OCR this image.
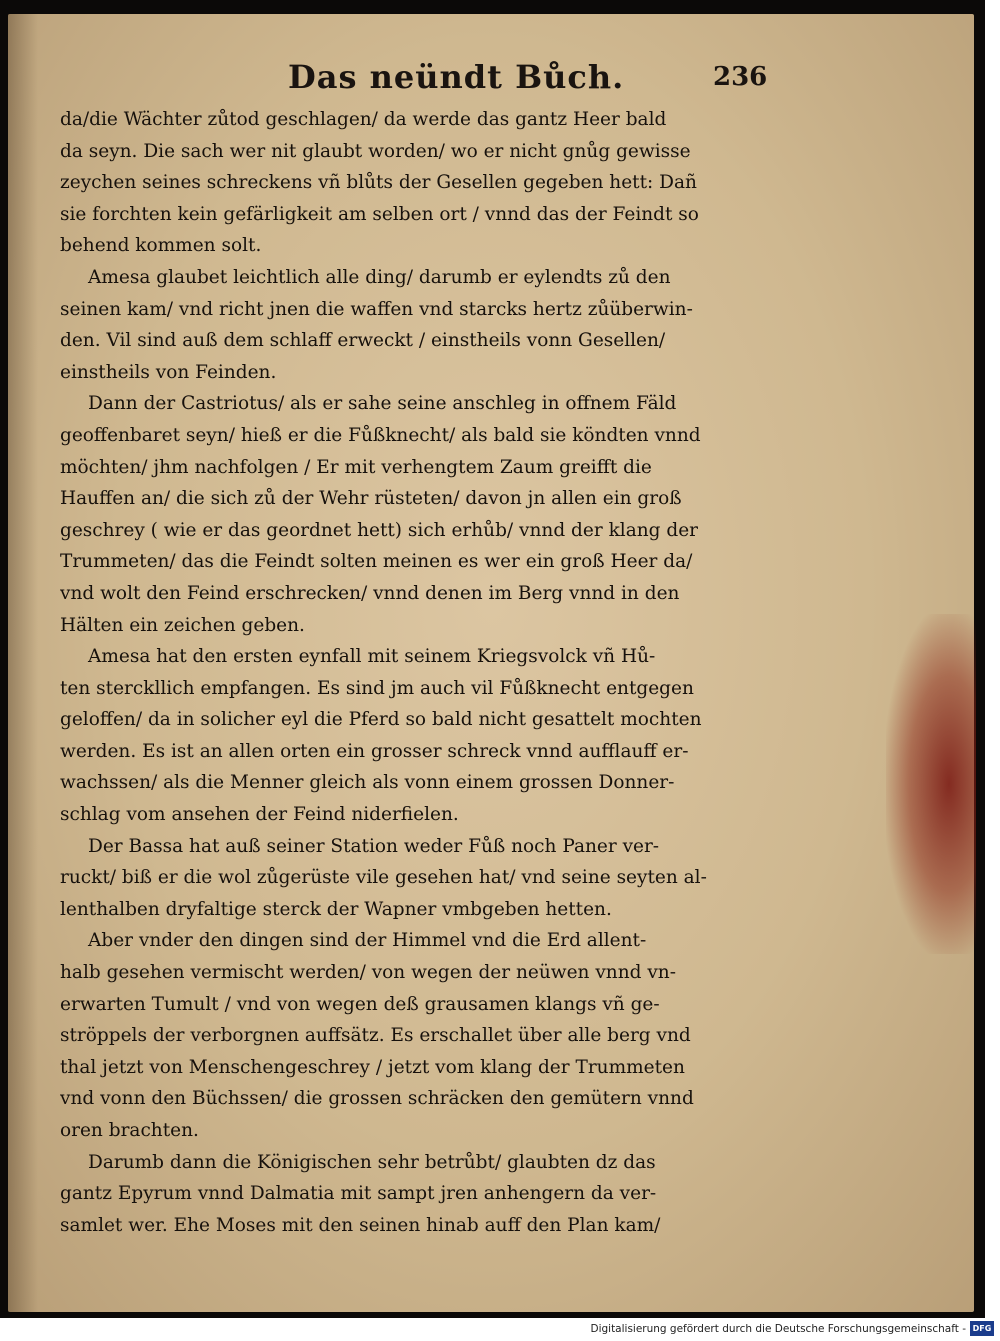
Das neündt Bůch.	236
da/die Wächter zůtod geschlagen/ da werde das gantz Heer bald
da seyn. Die sach wer nit glaubt worden/ wo er nicht gnůg gewisse
zeychen seines schreckens vñ blůts der Gesellen gegeben hett: Dañ
sie forchten kein gefärligkeit am selben ort / vnnd das der Feindt so
behend kommen solt.
Amesa glaubet leichtlich alle ding/ darumb er eylendts zů den
seinen kam/ vnd richt jnen die waffen vnd starcks hertz zůüberwin-
den. Vil sind auß dem schlaff erweckt / einstheils vonn Gesellen/
einstheils von Feinden.
Dann der Castriotus/ als er sahe seine anschleg in offnem Fäld
geoffenbaret seyn/ hieß er die Fůßknecht/ als bald sie köndten vnnd
möchten/ jhm nachfolgen / Er mit verhengtem Zaum greifft die
Hauffen an/ die sich zů der Wehr rüsteten/ davon jn allen ein groß
geschrey ( wie er das geordnet hett) sich erhůb/ vnnd der klang der
Trummeten/ das die Feindt solten meinen es wer ein groß Heer da/
vnd wolt den Feind erschrecken/ vnnd denen im Berg vnnd in den
Hälten ein zeichen geben.
Amesa hat den ersten eynfall mit seinem Kriegsvolck vñ Hů-
ten sterckllich empfangen. Es sind jm auch vil Fůßknecht entgegen
geloffen/ da in solicher eyl die Pferd so bald nicht gesattelt mochten
werden. Es ist an allen orten ein grosser schreck vnnd aufflauff er-
wachssen/ als die Menner gleich als vonn einem grossen Donner-
schlag vom ansehen der Feind niderfielen.
Der Bassa hat auß seiner Station weder Fůß noch Paner ver-
ruckt/ biß er die wol zůgerüste vile gesehen hat/ vnd seine seyten al-
lenthalben dryfaltige sterck der Wapner vmbgeben hetten.
Aber vnder den dingen sind der Himmel vnd die Erd allent-
halb gesehen vermischt werden/ von wegen der neüwen vnnd vn-
erwarten Tumult / vnd von wegen deß grausamen klangs vñ ge-
ströppels der verborgnen auffsätz. Es erschallet über alle berg vnd
thal jetzt von Menschengeschrey / jetzt vom klang der Trummeten
vnd vonn den Büchssen/ die grossen schräcken den gemütern vnnd
oren brachten.
Darumb dann die Königischen sehr betrůbt/ glaubten dz das
gantz Epyrum vnnd Dalmatia mit sampt jren anhengern da ver-
samlet wer. Ehe Moses mit den seinen hinab auff den Plan kam/
Digitalisierung gefördert durch die Deutsche Forschungsgemeinschaft - DFG
